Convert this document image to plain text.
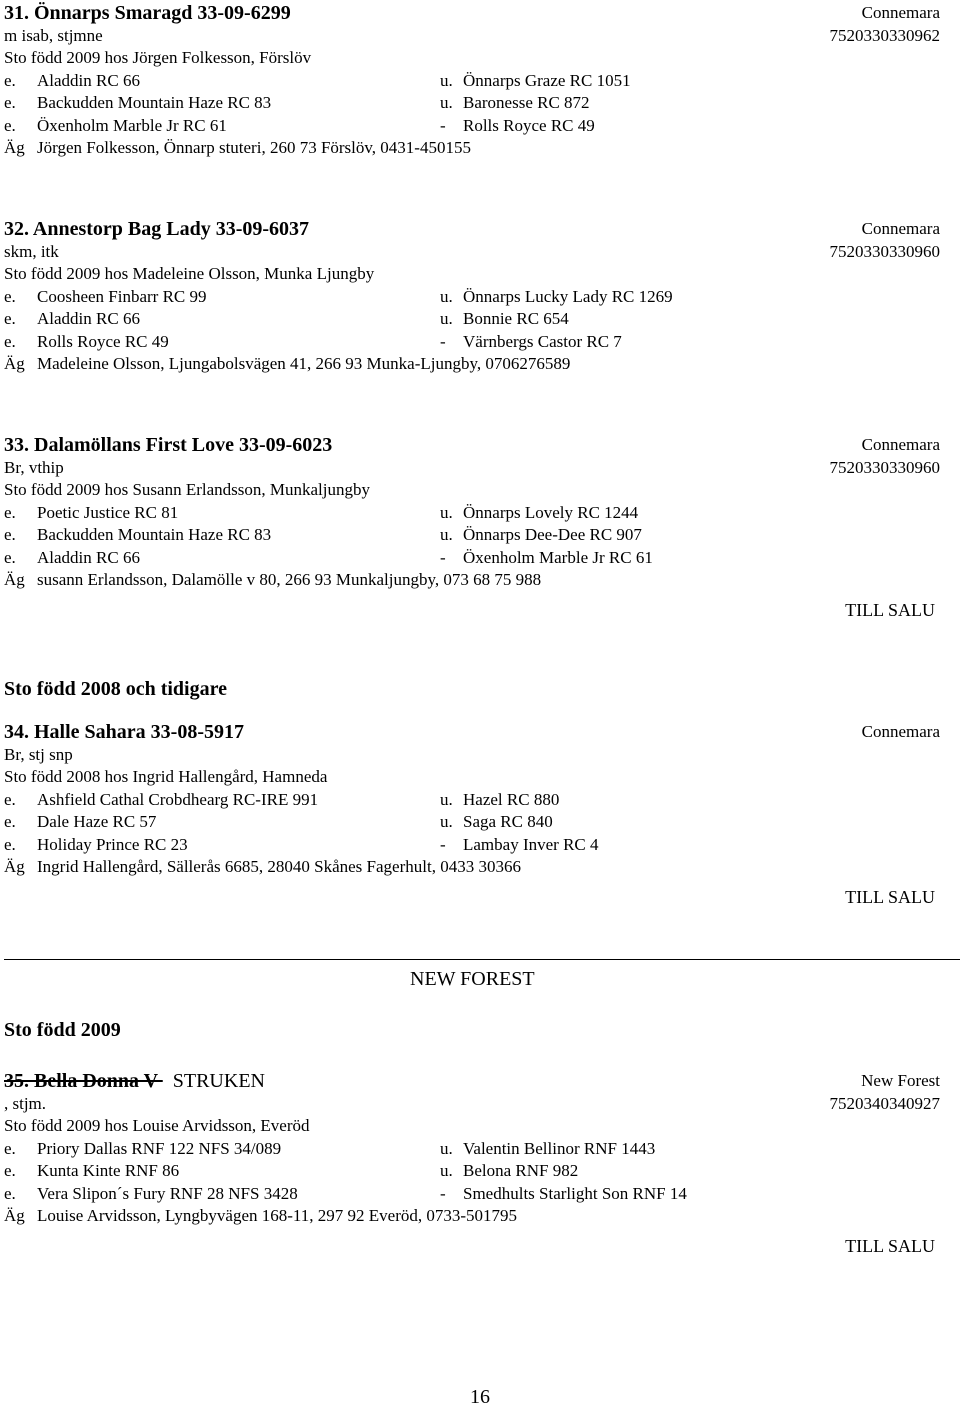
31. Önnarps Smaragd 33-09-6299	Connemara
m isab, stjmne	7520330330962
Sto född 2009 hos Jörgen Folkesson, Förslöv
e. Aladdin RC 66	u. Önnarps Graze RC 1051
e. Backudden Mountain Haze RC 83	u. Baronesse RC 872
e. Öxenholm Marble Jr RC 61	- Rolls Royce RC 49
Äg Jörgen Folkesson, Önnarp stuteri, 260 73 Förslöv, 0431-450155
32. Annestorp Bag Lady 33-09-6037	Connemara
skm, itk	7520330330960
Sto född 2009 hos Madeleine Olsson, Munka Ljungby
e. Coosheen Finbarr RC 99	u. Önnarps Lucky Lady RC 1269
e. Aladdin RC 66	u. Bonnie RC 654
e. Rolls Royce RC 49	- Värnbergs Castor RC 7
Äg Madeleine Olsson, Ljungabolsvägen 41, 266 93 Munka-Ljungby, 0706276589
33. Dalamöllans First Love 33-09-6023	Connemara
Br, vthip	7520330330960
Sto född 2009 hos Susann Erlandsson, Munkaljungby
e. Poetic Justice RC 81	u. Önnarps Lovely RC 1244
e. Backudden Mountain Haze RC 83	u. Önnarps Dee-Dee RC 907
e. Aladdin RC 66	- Öxenholm Marble Jr RC 61
Äg susann Erlandsson, Dalamölle v 80, 266 93 Munkaljungby, 073 68 75 988
TILL SALU
Sto född 2008 och tidigare
34. Halle Sahara 33-08-5917	Connemara
Br, stj snp
Sto född 2008 hos Ingrid Hallengård, Hamneda
e. Ashfield Cathal Crobdhearg RC-IRE 991	u. Hazel RC 880
e. Dale Haze RC 57	u. Saga RC 840
e. Holiday Prince RC 23	- Lambay Inver RC 4
Äg Ingrid Hallengård, Sällerås 6685, 28040 Skånes Fagerhult, 0433 30366
TILL SALU
NEW FOREST
Sto född 2009
35. Bella Donna V STRUKEN	New Forest
, stjm.	7520340340927
Sto född 2009 hos Louise Arvidsson, Everöd
e. Priory Dallas RNF 122 NFS 34/089	u. Valentin Bellinor RNF 1443
e. Kunta Kinte RNF 86	u. Belona RNF 982
e. Vera Slipon´s Fury RNF 28 NFS 3428	- Smedhults Starlight Son RNF 14
Äg Louise Arvidsson, Lyngbyvägen 168-11, 297 92 Everöd, 0733-501795
TILL SALU
16
